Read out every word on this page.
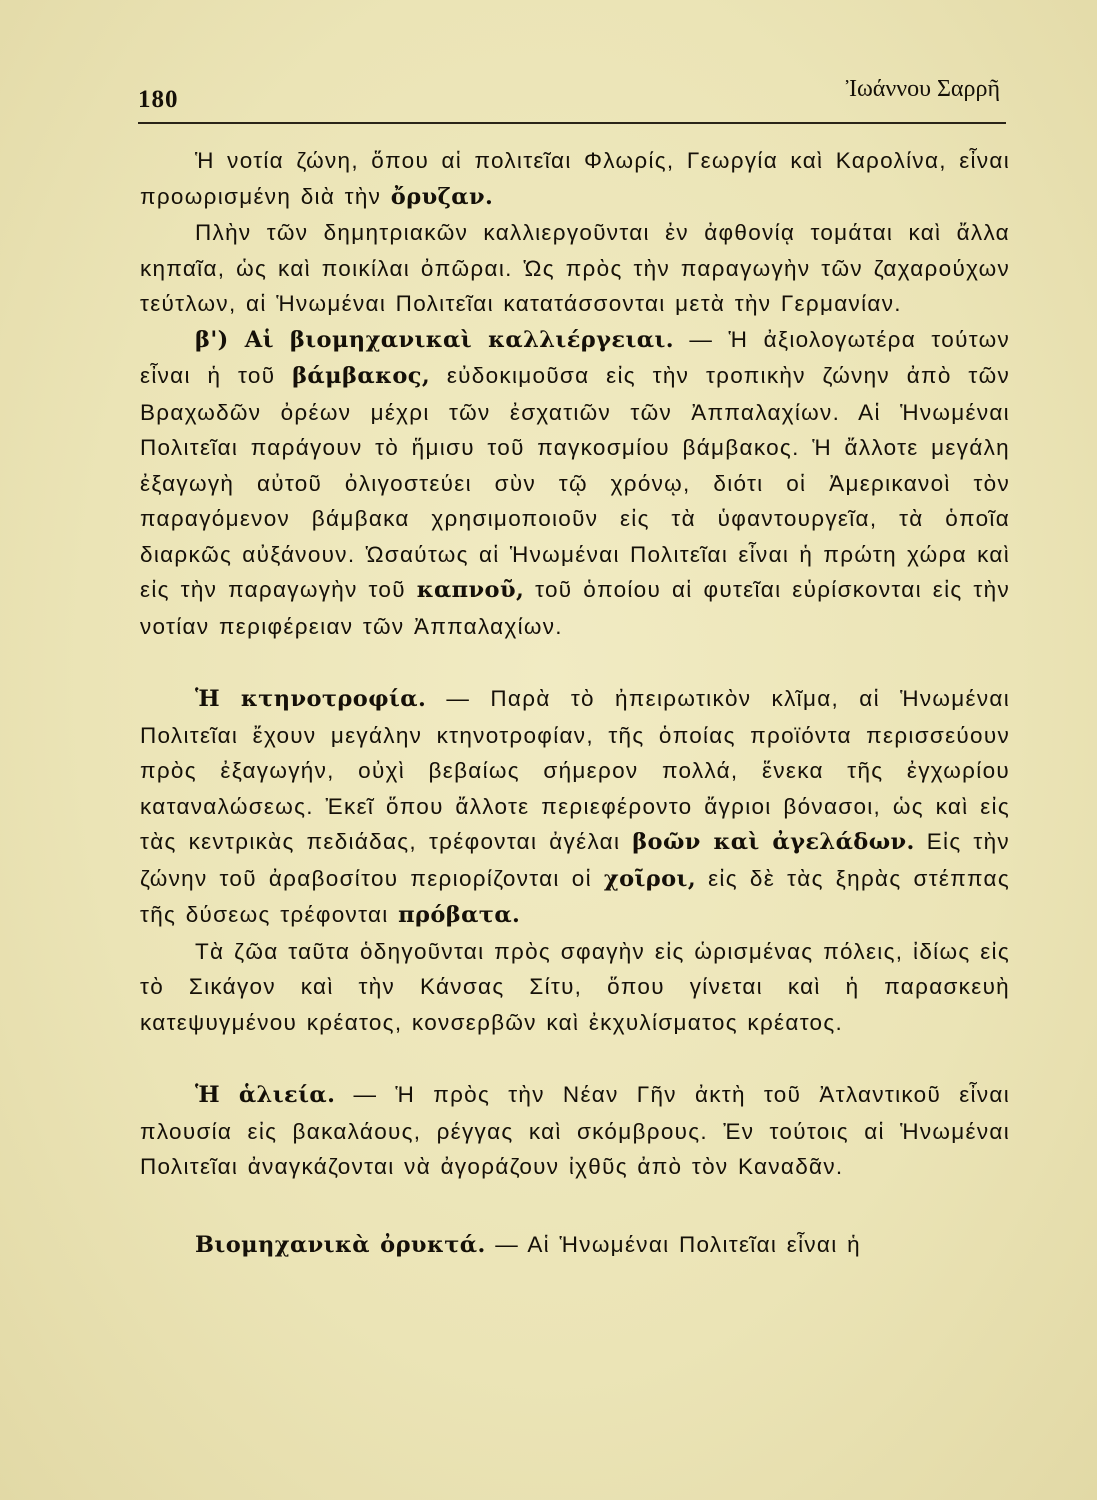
180	Ἰωάννου Σαρρῆ

Ἡ νοτία ζώνη, ὅπου αἱ πολιτεῖαι Φλωρίς, Γεωργία καὶ Καρολίνα, εἶναι προωρισμένη διὰ τὴν ὄρυζαν.

Πλὴν τῶν δημητριακῶν καλλιεργοῦνται ἐν ἀφθονίᾳ τομάται καὶ ἄλλα κηπαῖα, ὡς καὶ ποικίλαι ὀπῶραι. Ὡς πρὸς τὴν παραγωγὴν τῶν ζαχαρούχων τεύτλων, αἱ Ἡνωμέναι Πολιτεῖαι κατατάσσονται μετὰ τὴν Γερμανίαν.

β') Αἱ βιομηχανικαὶ καλλιέργειαι. — Ἡ ἀξιολογωτέρα τούτων εἶναι ἡ τοῦ βάμβακος, εὐδοκιμοῦσα εἰς τὴν τροπικὴν ζώνην ἀπὸ τῶν Βραχωδῶν ὀρέων μέχρι τῶν ἐσχατιῶν τῶν Ἀππαλαχίων. Αἱ Ἡνωμέναι Πολιτεῖαι παράγουν τὸ ἥμισυ τοῦ παγκοσμίου βάμβακος. Ἡ ἄλλοτε μεγάλη ἐξαγωγὴ αὐτοῦ ὀλιγοστεύει σὺν τῷ χρόνῳ, διότι οἱ Ἀμερικανοὶ τὸν παραγόμενον βάμβακα χρησιμοποιοῦν εἰς τὰ ὑφαντουργεῖα, τὰ ὁποῖα διαρκῶς αὐξάνουν. Ὡσαύτως αἱ Ἡνωμέναι Πολιτεῖαι εἶναι ἡ πρώτη χώρα καὶ εἰς τὴν παραγωγὴν τοῦ καπνοῦ, τοῦ ὁποίου αἱ φυτεῖαι εὑρίσκονται εἰς τὴν νοτίαν περιφέρειαν τῶν Ἀππαλαχίων.

Ἡ κτηνοτροφία. — Παρὰ τὸ ἠπειρωτικὸν κλῖμα, αἱ Ἡνωμέναι Πολιτεῖαι ἔχουν μεγάλην κτηνοτροφίαν, τῆς ὁποίας προϊόντα περισσεύουν πρὸς ἐξαγωγήν, οὐχὶ βεβαίως σήμερον πολλά, ἕνεκα τῆς ἐγχωρίου καταναλώσεως. Ἐκεῖ ὅπου ἄλλοτε περιεφέροντο ἄγριοι βόνασοι, ὡς καὶ εἰς τὰς κεντρικὰς πεδιάδας, τρέφονται ἀγέλαι βοῶν καὶ ἀγελάδων. Εἰς τὴν ζώνην τοῦ ἀραβοσίτου περιορίζονται οἱ χοῖροι, εἰς δὲ τὰς ξηρὰς στέππας τῆς δύσεως τρέφονται πρόβατα.

Τὰ ζῶα ταῦτα ὁδηγοῦνται πρὸς σφαγὴν εἰς ὡρισμένας πόλεις, ἰδίως εἰς τὸ Σικάγον καὶ τὴν Κάνσας Σίτυ, ὅπου γίνεται καὶ ἡ παρασκευὴ κατεψυγμένου κρέατος, κονσερβῶν καὶ ἐκχυλίσματος κρέατος.

Ἡ ἁλιεία. — Ἡ πρὸς τὴν Νέαν Γῆν ἀκτὴ τοῦ Ἀτλαντικοῦ εἶναι πλουσία εἰς βακαλάους, ρέγγας καὶ σκόμβρους. Ἐν τούτοις αἱ Ἡνωμέναι Πολιτεῖαι ἀναγκάζονται νὰ ἀγοράζουν ἰχθῦς ἀπὸ τὸν Καναδᾶν.

Βιομηχανικὰ ὀρυκτά. — Αἱ Ἡνωμέναι Πολιτεῖαι εἶναι ἡ
